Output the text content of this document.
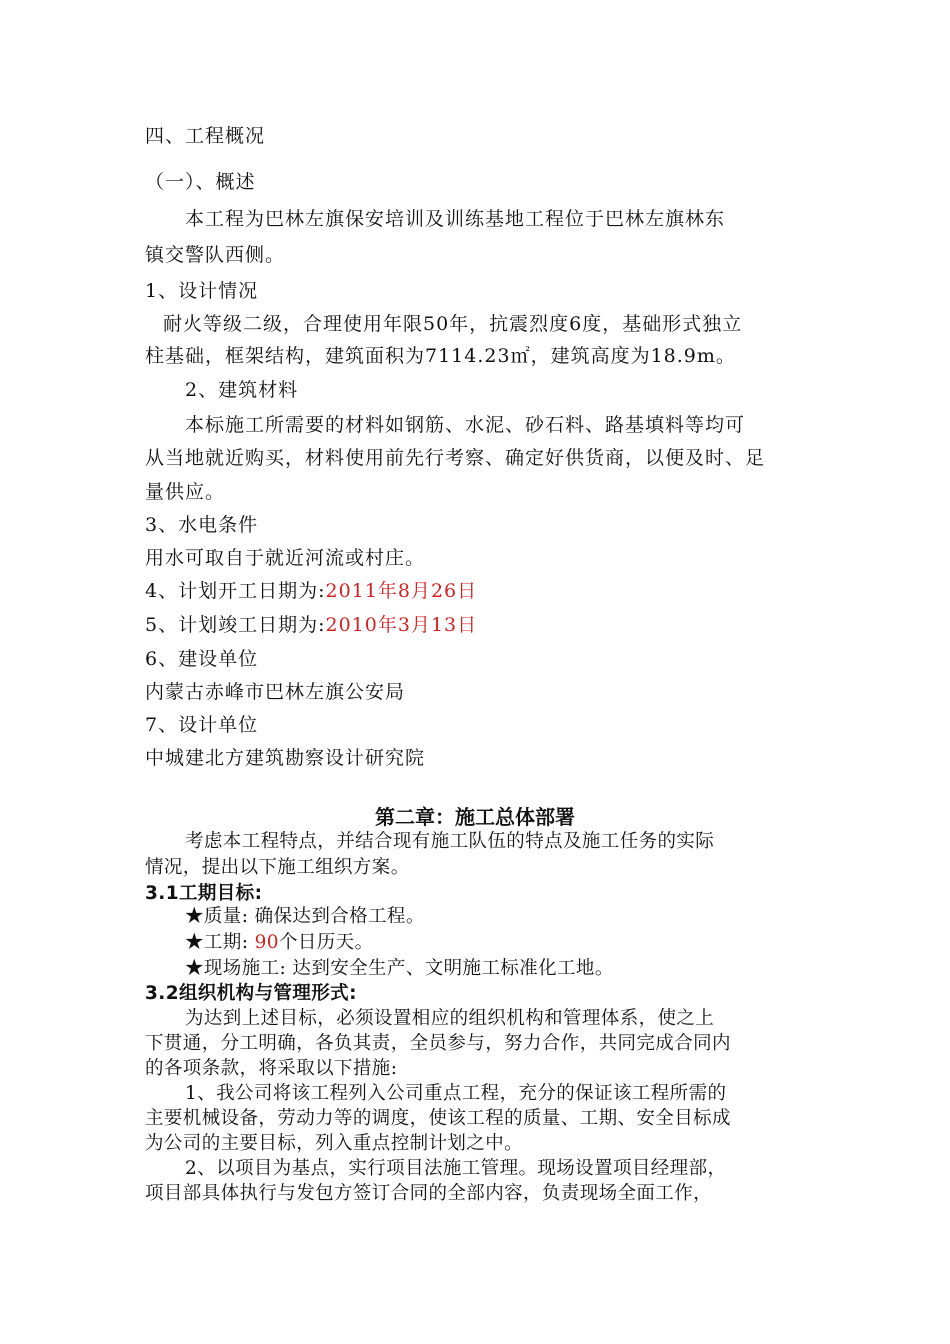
四、工程概况
（一）、概述
本工程为巴林左旗保安培训及训练基地工程位于巴林左旗林东
镇交警队西侧。
1、设计情况
耐火等级二级，合理使用年限50年，抗震烈度6度，基础形式独立
柱基础，框架结构，建筑面积为7114.23㎡，建筑高度为18.9m。
2、建筑材料
本标施工所需要的材料如钢筋、水泥、砂石料、路基填料等均可
从当地就近购买，材料使用前先行考察、确定好供货商，以便及时、足
量供应。
3、水电条件
用水可取自于就近河流或村庄。
4、计划开工日期为:2011年8月26日
5、计划竣工日期为:2010年3月13日
6、建设单位
内蒙古赤峰市巴林左旗公安局
7、设计单位
中城建北方建筑勘察设计研究院
第二章：施工总体部署
考虑本工程特点，并结合现有施工队伍的特点及施工任务的实际
情况，提出以下施工组织方案。
3.1工期目标:
★质量: 确保达到合格工程。
★工期: 90个日历天。
★现场施工: 达到安全生产、文明施工标准化工地。
3.2组织机构与管理形式:
为达到上述目标，必须设置相应的组织机构和管理体系，使之上
下贯通，分工明确，各负其责，全员参与，努力合作，共同完成合同内
的各项条款，将采取以下措施:
1、我公司将该工程列入公司重点工程，充分的保证该工程所需的
主要机械设备，劳动力等的调度，使该工程的质量、工期、安全目标成
为公司的主要目标，列入重点控制计划之中。
2、以项目为基点，实行项目法施工管理。现场设置项目经理部，
项目部具体执行与发包方签订合同的全部内容，负责现场全面工作，
